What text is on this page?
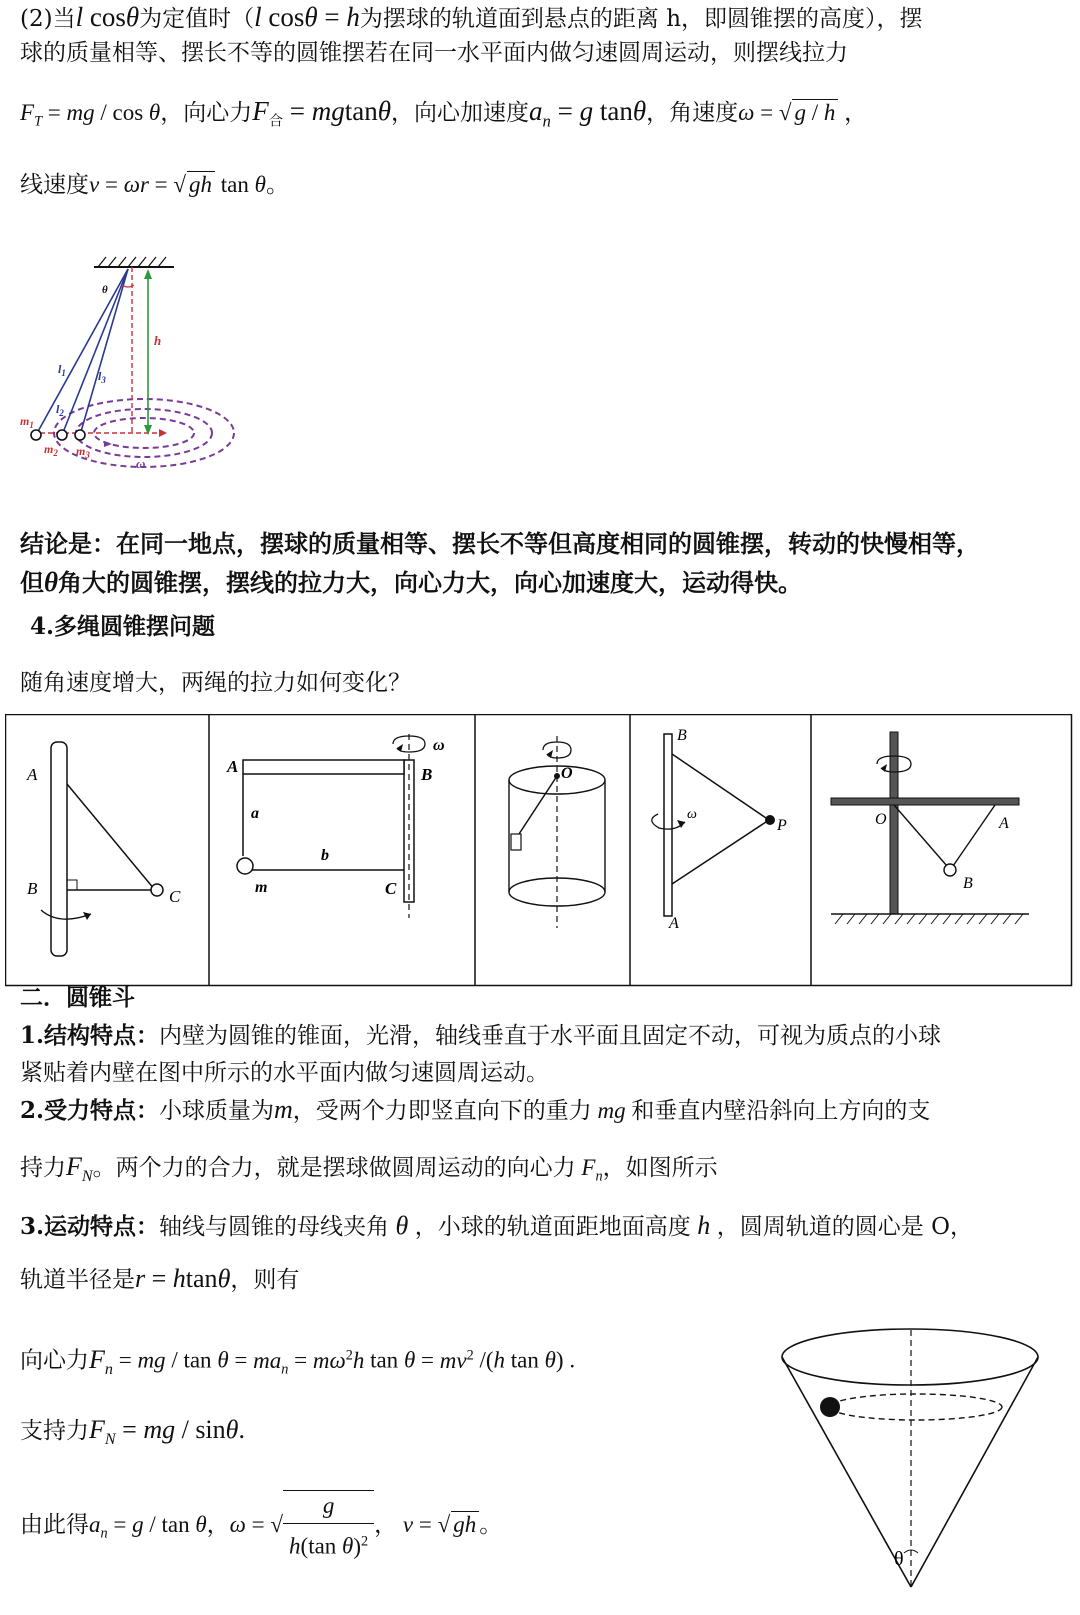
(2)当l cosθ为定值时（l cosθ = h为摆球的轨道面到悬点的距离 h，即圆锥摆的高度），摆
球的质量相等、摆长不等的圆锥摆若在同一水平面内做匀速圆周运动，则摆线拉力
$F_T$ = mg / cos θ，向心力$F_合 = mgtan\theta$，向心加速度$a_n = g$ tanθ，角速度ω = √ g / h ，
线速度v = ωr = √ gh tan θ。
h
θ
$l_1$	$l_3$
$l_2$
$m_1$
$m_2$ $m_3$
ω
结论是：在同一地点，摆球的质量相等、摆长不等但高度相同的圆锥摆，转动的快慢相等，
但θ角大的圆锥摆，摆线的拉力大，向心力大，向心加速度大，运动得快。
4.多绳圆锥摆问题
随角速度增大，两绳的拉力如何变化？
A
B	C
ω
A	B
a
b
m	C
O
B
ω
P
A
O	A
B
二．圆锥斗
1.结构特点：内壁为圆锥的锥面，光滑，轴线垂直于水平面且固定不动，可视为质点的小球
紧贴着内壁在图中所示的水平面内做匀速圆周运动。
2.受力特点：小球质量为m，受两个力即竖直向下的重力 mg 和垂直内壁沿斜向上方向的支
持力$F_N$。两个力的合力，就是摆球做圆周运动的向心力 $F_n$，如图所示
3.运动特点：轴线与圆锥的母线夹角 θ ，小球的轨道面距地面高度 h ，圆周轨道的圆心是 O，
轨道半径是r = htanθ，则有
向心力$F_n$ = mg / $\tan \theta = ma_n = m\omega^2h$ $\tan \theta = mv^2$ /(h tan θ) .
支持力$F_N$ = mg / sinθ.
由此得$a_n = g / \tan \theta$，ω = √ $\frac{g}{h(\tan \theta)^2}$ ， v = √ gh 。
θ
